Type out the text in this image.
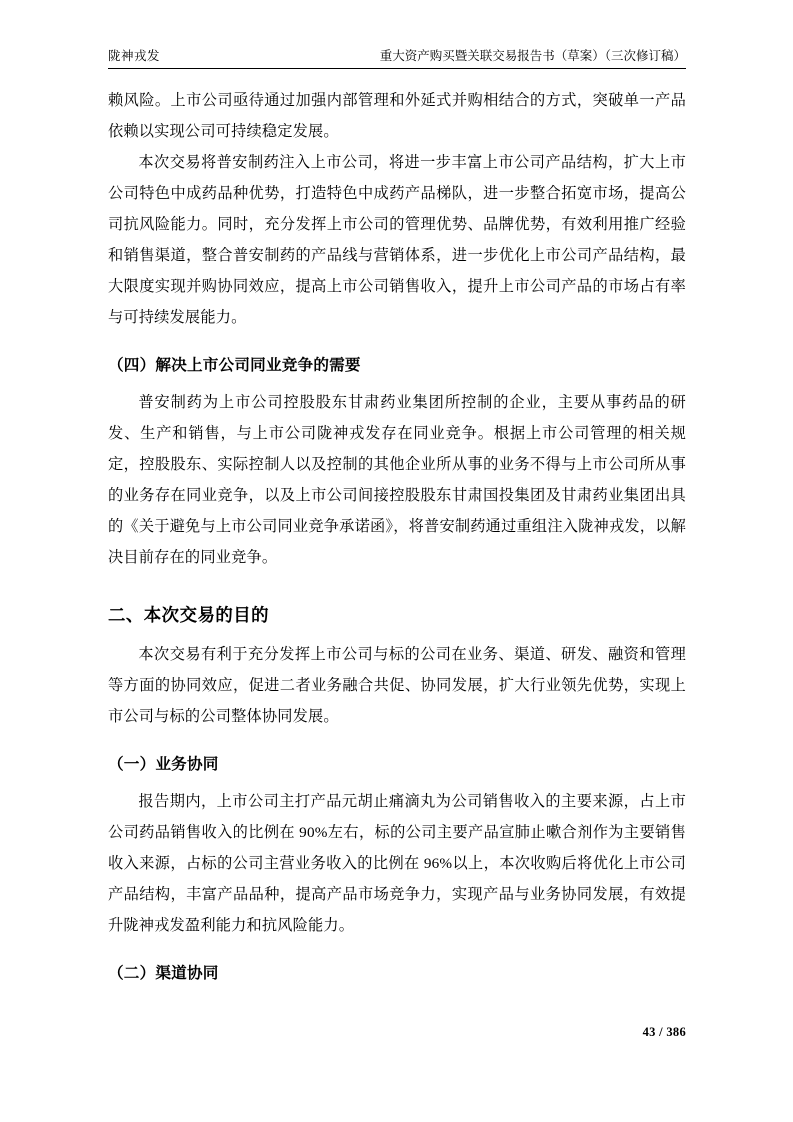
陇神戎发	重大资产购买暨关联交易报告书（草案）（三次修订稿）

赖风险。上市公司亟待通过加强内部管理和外延式并购相结合的方式，突破单一产品依赖以实现公司可持续稳定发展。

本次交易将普安制药注入上市公司，将进一步丰富上市公司产品结构，扩大上市公司特色中成药品种优势，打造特色中成药产品梯队，进一步整合拓宽市场，提高公司抗风险能力。同时，充分发挥上市公司的管理优势、品牌优势，有效利用推广经验和销售渠道，整合普安制药的产品线与营销体系，进一步优化上市公司产品结构，最大限度实现并购协同效应，提高上市公司销售收入，提升上市公司产品的市场占有率与可持续发展能力。

（四）解决上市公司同业竞争的需要

普安制药为上市公司控股股东甘肃药业集团所控制的企业，主要从事药品的研发、生产和销售，与上市公司陇神戎发存在同业竞争。根据上市公司管理的相关规定，控股股东、实际控制人以及控制的其他企业所从事的业务不得与上市公司所从事的业务存在同业竞争，以及上市公司间接控股股东甘肃国投集团及甘肃药业集团出具的《关于避免与上市公司同业竞争承诺函》，将普安制药通过重组注入陇神戎发，以解决目前存在的同业竞争。

二、本次交易的目的

本次交易有利于充分发挥上市公司与标的公司在业务、渠道、研发、融资和管理等方面的协同效应，促进二者业务融合共促、协同发展，扩大行业领先优势，实现上市公司与标的公司整体协同发展。

（一）业务协同

报告期内，上市公司主打产品元胡止痛滴丸为公司销售收入的主要来源，占上市公司药品销售收入的比例在 90%左右，标的公司主要产品宣肺止嗽合剂作为主要销售收入来源，占标的公司主营业务收入的比例在 96%以上，本次收购后将优化上市公司产品结构，丰富产品品种，提高产品市场竞争力，实现产品与业务协同发展，有效提升陇神戎发盈利能力和抗风险能力。

（二）渠道协同
43 / 386
